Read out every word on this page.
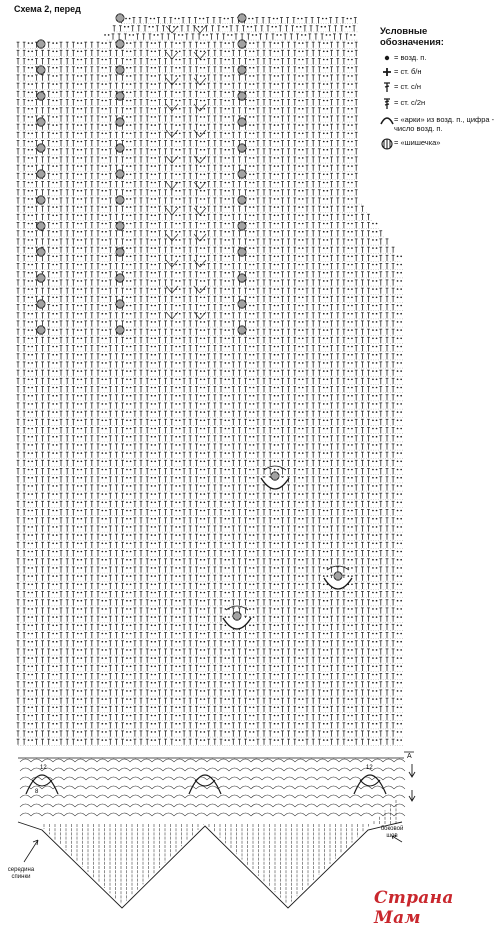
Схема 2, перед
Условные
обозначения:
= возд. п.
= ст. б/н
= ст. с/н
= ст. с/2н
= «арки» из возд. п., цифра - число возд. п.
= «шишечка»
А
боковой
шов
середина
спинки
12
8
12
Страна Мам
